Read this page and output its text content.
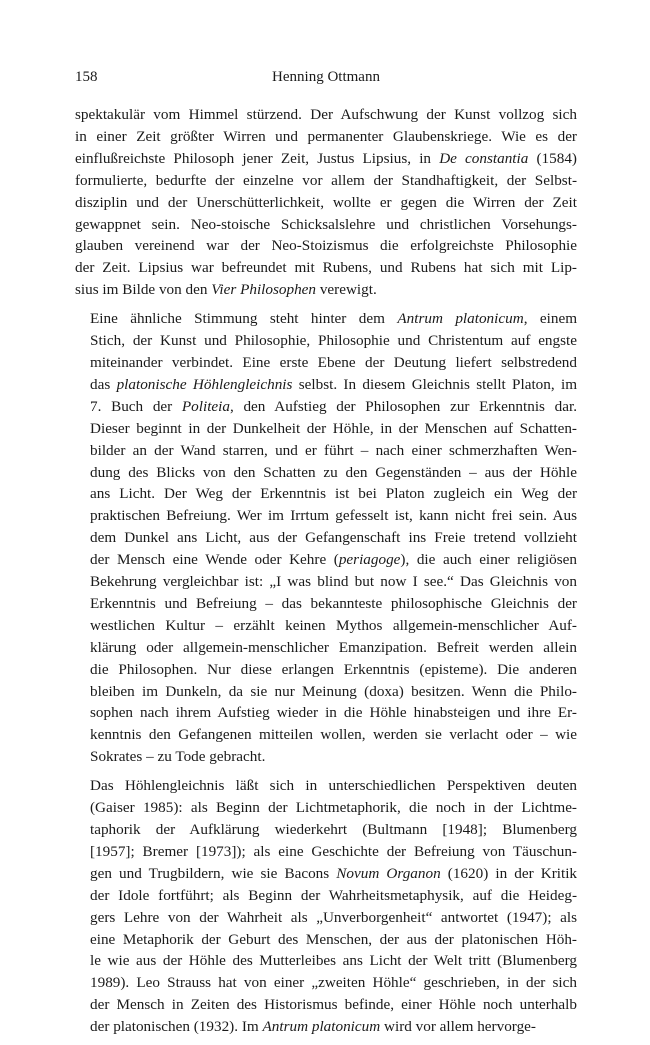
158	Henning Ottmann
spektakulär vom Himmel stürzend. Der Aufschwung der Kunst vollzog sich
in einer Zeit größter Wirren und permanenter Glaubenskriege. Wie es der
einflußreichste Philosoph jener Zeit, Justus Lipsius, in De constantia (1584)
formulierte, bedurfte der einzelne vor allem der Standhaftigkeit, der Selbst-
disziplin und der Unerschütterlichkeit, wollte er gegen die Wirren der Zeit
gewappnet sein. Neo-stoische Schicksalslehre und christlichen Vorsehungs-
glauben vereinend war der Neo-Stoizismus die erfolgreichste Philosophie
der Zeit. Lipsius war befreundet mit Rubens, und Rubens hat sich mit Lip-
sius im Bilde von den Vier Philosophen verewigt.
Eine ähnliche Stimmung steht hinter dem Antrum platonicum, einem
Stich, der Kunst und Philosophie, Philosophie und Christentum auf engste
miteinander verbindet. Eine erste Ebene der Deutung liefert selbstredend
das platonische Höhlengleichnis selbst. In diesem Gleichnis stellt Platon, im
7. Buch der Politeia, den Aufstieg der Philosophen zur Erkenntnis dar.
Dieser beginnt in der Dunkelheit der Höhle, in der Menschen auf Schatten-
bilder an der Wand starren, und er führt – nach einer schmerzhaften Wen-
dung des Blicks von den Schatten zu den Gegenständen – aus der Höhle
ans Licht. Der Weg der Erkenntnis ist bei Platon zugleich ein Weg der
praktischen Befreiung. Wer im Irrtum gefesselt ist, kann nicht frei sein. Aus
dem Dunkel ans Licht, aus der Gefangenschaft ins Freie tretend vollzieht
der Mensch eine Wende oder Kehre (periagoge), die auch einer religiösen
Bekehrung vergleichbar ist: „I was blind but now I see.“ Das Gleichnis von
Erkenntnis und Befreiung – das bekannteste philosophische Gleichnis der
westlichen Kultur – erzählt keinen Mythos allgemein-menschlicher Auf-
klärung oder allgemein-menschlicher Emanzipation. Befreit werden allein
die Philosophen. Nur diese erlangen Erkenntnis (episteme). Die anderen
bleiben im Dunkeln, da sie nur Meinung (doxa) besitzen. Wenn die Philo-
sophen nach ihrem Aufstieg wieder in die Höhle hinabsteigen und ihre Er-
kenntnis den Gefangenen mitteilen wollen, werden sie verlacht oder – wie
Sokrates – zu Tode gebracht.
Das Höhlengleichnis läßt sich in unterschiedlichen Perspektiven deuten
(Gaiser 1985): als Beginn der Lichtmetaphorik, die noch in der Lichtme-
taphorik der Aufklärung wiederkehrt (Bultmann [1948]; Blumenberg
[1957]; Bremer [1973]); als eine Geschichte der Befreiung von Täuschun-
gen und Trugbildern, wie sie Bacons Novum Organon (1620) in der Kritik
der Idole fortführt; als Beginn der Wahrheitsmetaphysik, auf die Heideg-
gers Lehre von der Wahrheit als „Unverborgenheit“ antwortet (1947); als
eine Metaphorik der Geburt des Menschen, der aus der platonischen Höh-
le wie aus der Höhle des Mutterleibes ans Licht der Welt tritt (Blumenberg
1989). Leo Strauss hat von einer „zweiten Höhle“ geschrieben, in der sich
der Mensch in Zeiten des Historismus befinde, einer Höhle noch unterhalb
der platonischen (1932). Im Antrum platonicum wird vor allem hervorge-
